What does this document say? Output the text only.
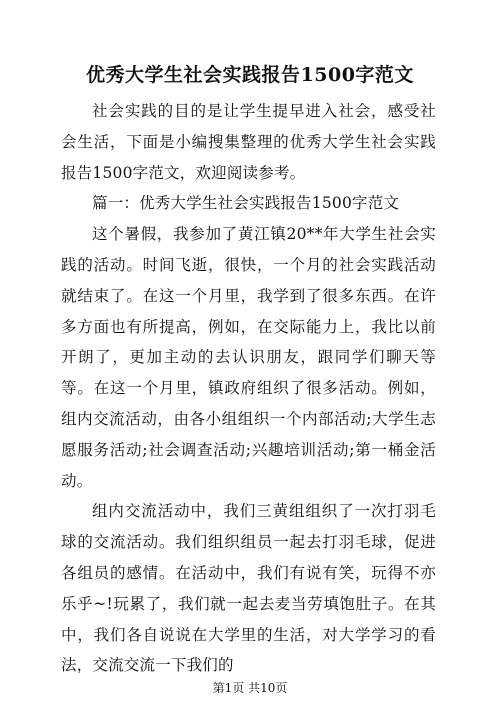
优秀大学生社会实践报告1500字范文

社会实践的目的是让学生提早进入社会，感受社会生活，下面是小编搜集整理的优秀大学生社会实践报告1500字范文，欢迎阅读参考。

篇一：优秀大学生社会实践报告1500字范文

这个暑假，我参加了黄江镇20**年大学生社会实践的活动。时间飞逝，很快，一个月的社会实践活动就结束了。在这一个月里，我学到了很多东西。在许多方面也有所提高，例如，在交际能力上，我比以前开朗了，更加主动的去认识朋友，跟同学们聊天等等。在这一个月里，镇政府组织了很多活动。例如，组内交流活动，由各小组组织一个内部活动;大学生志愿服务活动;社会调查活动;兴趣培训活动;第一桶金活动。

组内交流活动中，我们三黄组组织了一次打羽毛球的交流活动。我们组织组员一起去打羽毛球，促进各组员的感情。在活动中，我们有说有笑，玩得不亦乐乎~!玩累了，我们就一起去麦当劳填饱肚子。在其中，我们各自说说在大学里的生活，对大学学习的看法，交流交流一下我们的

第1页 共10页
